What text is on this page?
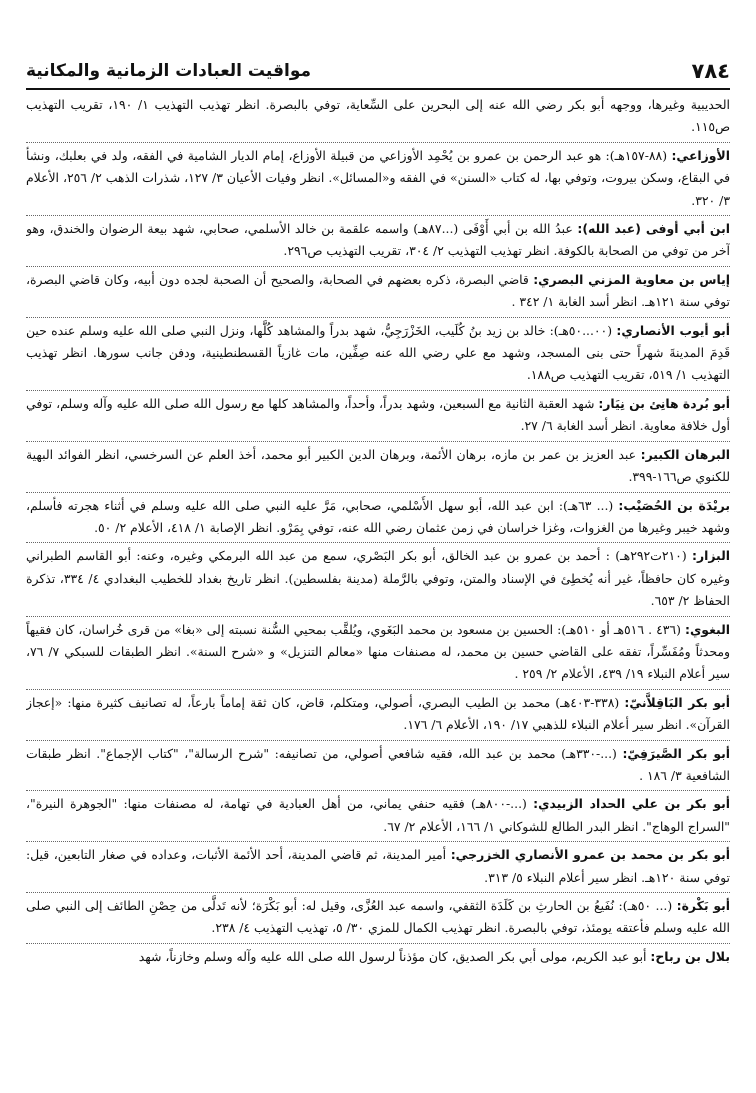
٧٨٤
مواقيت العبادات الزمانية والمكانية

الحديبية وغيرها، ووجهه أبو بكر رضي الله عنه إلى البحرين على السِّعاية، توفي بالبصرة. انظر تهذيب التهذيب ١/ ١٩٠، تقريب التهذيب ص١١٥.

الأوزاعي: (٨٨-١٥٧هـ): هو عبد الرحمن بن عمرو بن يُحْمِد الأوزاعي من قبيلة الأوزاع، إمام الديار الشامية في الفقه، ولد في بعلبك، ونشأ في البقاع، وسكن بيروت، وتوفي بها، له كتاب «السنن» في الفقه و«المسائل». انظر وفيات الأعيان ٣/ ١٢٧، شذرات الذهب ٢/ ٢٥٦، الأعلام ٣/ ٣٢٠.

ابن أبي أوفى (عبد الله): عبدُ الله بن أبي أَوْفَى (...٨٧هـ) واسمه علقمة بن خالد الأسلمي، صحابي، شهد بيعة الرضوان والخندق، وهو آخر من توفي من الصحابة بالكوفة. انظر تهذيب التهذيب ٢/ ٣٠٤، تقريب التهذيب ص٢٩٦.

إياس بن معاوية المزني البصري: قاضي البصرة، ذكره بعضهم في الصحابة، والصحيح أن الصحبة لجده دون أبيه، وكان قاضي البصرة، توفي سنة ١٢١هـ. انظر أسد الغابة ١/ ٣٤٢ .

أبو أيوب الأنصاري: (٠٠...٥٠هـ): خالد بن زيد بنُ كُلَيب، الخَزْرَجِيُّ، شهد بدراً والمشاهد كُلَّها، ونزل النبي صلى الله عليه وسلم عنده حين قَدِمَ المدينةَ شهراً حتى بنى المسجد، وشهد مع علي رضي الله عنه صِفِّين، مات غازياً القسطنطينية، ودفن جانب سورها. انظر تهذيب التهذيب ١/ ٥١٩، تقريب التهذيب ص١٨٨.

أبو بُردة هانِئ بن نِيَار: شهد العقبة الثانية مع السبعين، وشهد بدراً، وأحداً، والمشاهد كلها مع رسول الله صلى الله عليه وآله وسلم، توفي أول خلافة معاوية. انظر أسد الغابة ٦/ ٢٧.

البرهان الكبير: عبد العزيز بن عمر بن مازه، برهان الأئمة، وبرهان الدين الكبير أبو محمد، أخذ العلم عن السرخسي، انظر الفوائد البهية للكنوي ص١٦٦-٣٩٩.

بريْدَة بن الحُصَيْب: (... ٦٣هـ): ابن عبد الله، أبو سهل الأَسْلمي، صحابي، مَرَّ عليه النبي صلى الله عليه وسلم في أثناء هجرته فأسلم، وشهد خيبر وغيرها من الغزوات، وغزا خراسان في زمن عثمان رضي الله عنه، توفي بِمَرْو. انظر الإصابة ١/ ٤١٨، الأعلام ٢/ ٥٠.

البزار: (٢١٠ت٢٩٢هـ) : أحمد بن عمرو بن عبد الخالق، أبو بكر البَصْري، سمع من عبد الله البرمكي وغيره، وعنه: أبو القاسم الطبراني وغيره كان حافظاً، غير أنه يُخطِئ في الإسناد والمتن، وتوفي بالرَّملة (مدينة بفلسطين). انظر تاريخ بغداد للخطيب البغدادي ٤/ ٣٣٤، تذكرة الحفاظ ٢/ ٦٥٣.

البغوي: (٤٣٦ . ٥١٦هـ أو ٥١٠هـ): الحسين بن مسعود بن محمد البَغَوي، ويُلقَّب بمحيي السُّنة نسبته إلى «بغا» من قرى خُراسان، كان فقيهاً ومحدثاً ومُفَسِّراً، تفقه على القاضي حسين بن محمد، له مصنفات منها «معالم التنزيل» و «شرح السنة». انظر الطبقات للسبكي ٧/ ٧٦، سير أعلام النبلاء ١٩/ ٤٣٩، الأعلام ٢/ ٢٥٩ .

أبو بكر البَاقِلاَّنيّ: (٣٣٨-٤٠٣هـ) محمد بن الطيب البصري، أصولي، ومتكلم، قاض، كان ثقة إماماً بارعاً، له تصانيف كثيرة منها: «إعجاز القرآن». انظر سير أعلام النبلاء للذهبي ١٧/ ١٩٠، الأعلام ٦/ ١٧٦.

أبو بكر الصَّيرَفِيّ: (...-٣٣٠هـ) محمد بن عبد الله، فقيه شافعي أصولي، من تصانيفه: "شرح الرسالة"، "كتاب الإجماع". انظر طبقات الشافعية ٣/ ١٨٦ .

أبو بكر بن علي الحداد الزبيدي: (...-٨٠٠هـ) فقيه حنفي يماني، من أهل العبادية في تهامة، له مصنفات منها: "الجوهرة النيرة"، "السراج الوهاج". انظر البدر الطالع للشوكاني ١/ ١٦٦، الأعلام ٢/ ٦٧.

أبو بكر بن محمد بن عمرو الأنصاري الخزرجي: أمير المدينة، ثم قاضي المدينة، أحد الأئمة الأثبات، وعداده في صغار التابعين، قيل: توفي سنة ١٢٠هـ. انظر سير أعلام النبلاء ٥/ ٣١٣.

أبو بَكْرة: (... ٥٠هـ): نُفَيعُ بن الحارثِ بن كَلَدَة الثقفي، واسمه عبد العُزَّى، وقيل له: أبو بَكْرَة؛ لأنه تَدلَّى من حِصْنِ الطائف إلى النبي صلى الله عليه وسلم فأعتقه يومئذ، توفي بالبصرة. انظر تهذيب الكمال للمزي ٣٠/ ٥، تهذيب التهذيب ٤/ ٢٣٨.

بلال بن رباح: أبو عبد الكريم، مولى أبي بكر الصديق، كان مؤذناً لرسول الله صلى الله عليه وآله وسلم وخازناً، شهد
